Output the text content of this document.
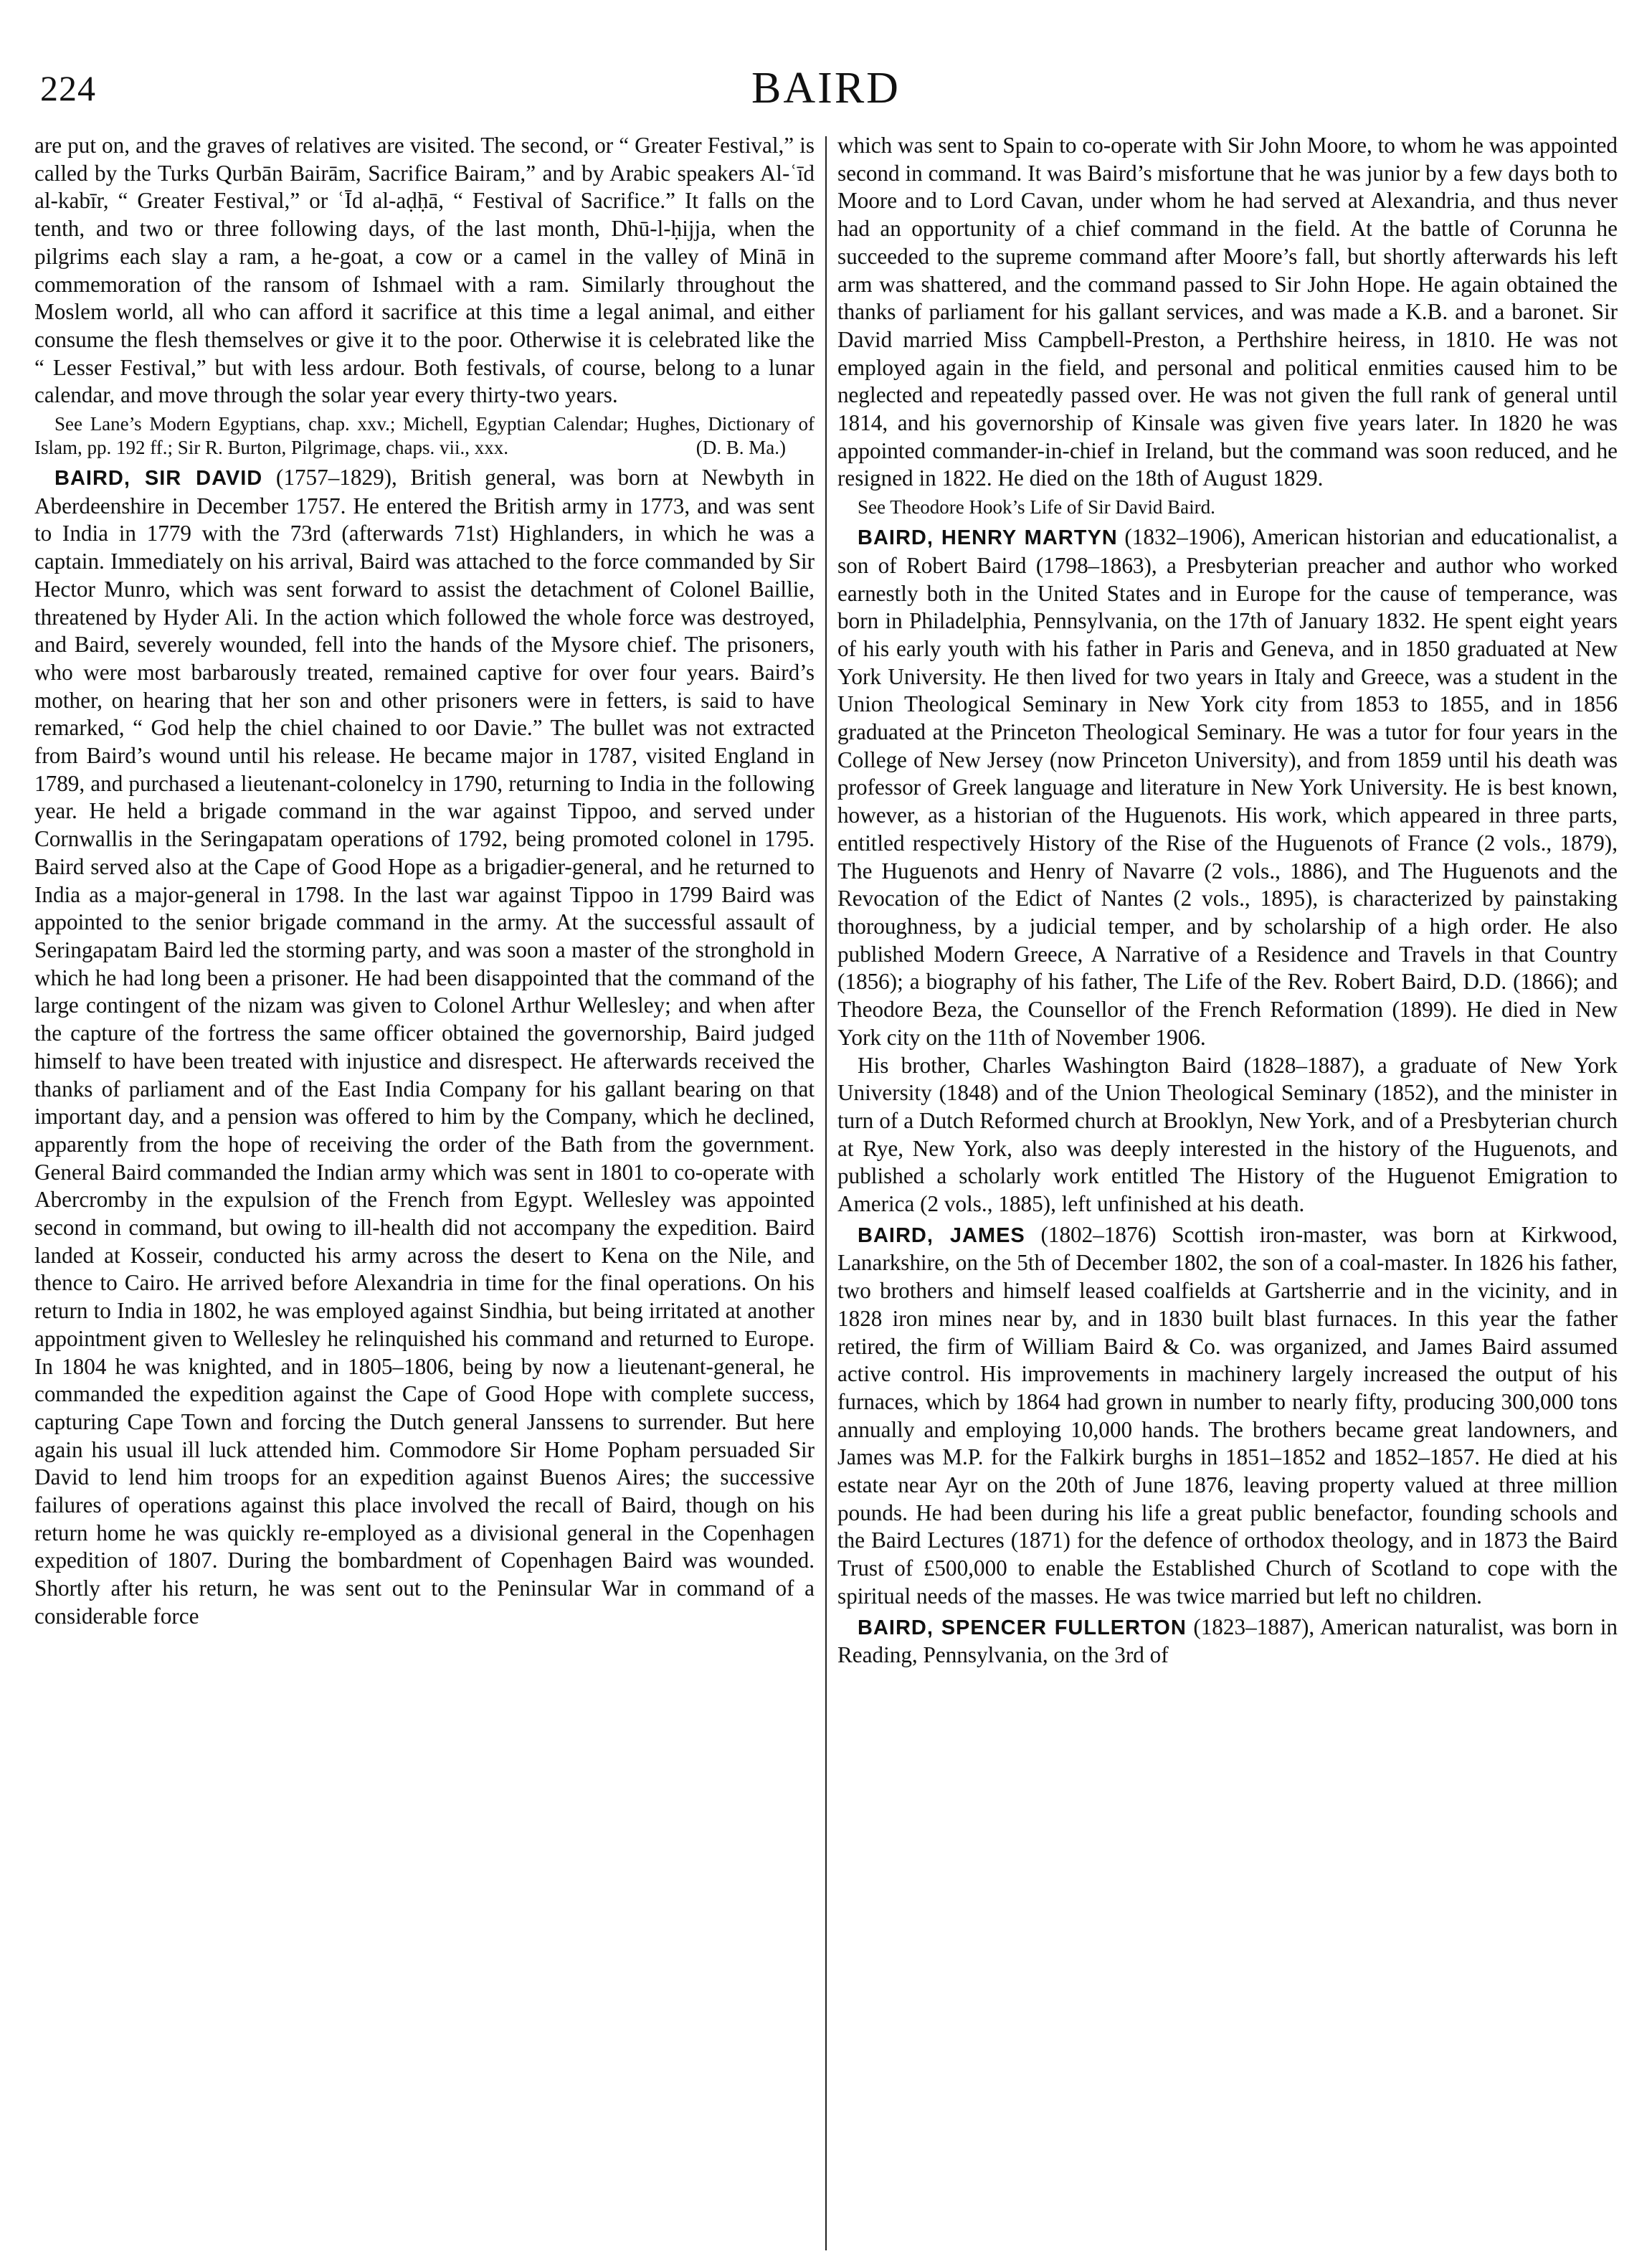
224	BAIRD

are put on, and the graves of relatives are visited. The second, or “ Greater Festival,” is called by the Turks Qurbān Bairām, Sacrifice Bairam,” and by Arabic speakers Al-ʿīd al-kabīr, “ Greater Festival,” or ʿĪd al-aḍḥā, “ Festival of Sacrifice.” It falls on the tenth, and two or three following days, of the last month, Dhū-l-ḥijja, when the pilgrims each slay a ram, a he-goat, a cow or a camel in the valley of Minā in commemoration of the ransom of Ishmael with a ram. Similarly throughout the Moslem world, all who can afford it sacrifice at this time a legal animal, and either consume the flesh themselves or give it to the poor. Otherwise it is celebrated like the “ Lesser Festival,” but with less ardour. Both festivals, of course, belong to a lunar calendar, and move through the solar year every thirty-two years.

See Lane’s Modern Egyptians, chap. xxv.; Michell, Egyptian Calendar; Hughes, Dictionary of Islam, pp. 192 ff.; Sir R. Burton, Pilgrimage, chaps. vii., xxx.	(D. B. Ma.)

BAIRD, SIR DAVID (1757–1829), British general, was born at Newbyth in Aberdeenshire in December 1757. He entered the British army in 1773, and was sent to India in 1779 with the 73rd (afterwards 71st) Highlanders, in which he was a captain. Immediately on his arrival, Baird was attached to the force commanded by Sir Hector Munro, which was sent forward to assist the detachment of Colonel Baillie, threatened by Hyder Ali. In the action which followed the whole force was destroyed, and Baird, severely wounded, fell into the hands of the Mysore chief. The prisoners, who were most barbarously treated, remained captive for over four years. Baird’s mother, on hearing that her son and other prisoners were in fetters, is said to have remarked, “ God help the chiel chained to oor Davie.” The bullet was not extracted from Baird’s wound until his release. He became major in 1787, visited England in 1789, and purchased a lieutenant-colonelcy in 1790, returning to India in the following year. He held a brigade command in the war against Tippoo, and served under Cornwallis in the Seringapatam operations of 1792, being promoted colonel in 1795. Baird served also at the Cape of Good Hope as a brigadier-general, and he returned to India as a major-general in 1798. In the last war against Tippoo in 1799 Baird was appointed to the senior brigade command in the army. At the successful assault of Seringapatam Baird led the storming party, and was soon a master of the stronghold in which he had long been a prisoner. He had been disappointed that the command of the large contingent of the nizam was given to Colonel Arthur Wellesley; and when after the capture of the fortress the same officer obtained the governorship, Baird judged himself to have been treated with injustice and disrespect. He afterwards received the thanks of parliament and of the East India Company for his gallant bearing on that important day, and a pension was offered to him by the Company, which he declined, apparently from the hope of receiving the order of the Bath from the government. General Baird commanded the Indian army which was sent in 1801 to co-operate with Abercromby in the expulsion of the French from Egypt. Wellesley was appointed second in command, but owing to ill-health did not accompany the expedition. Baird landed at Kosseir, conducted his army across the desert to Kena on the Nile, and thence to Cairo. He arrived before Alexandria in time for the final operations. On his return to India in 1802, he was employed against Sindhia, but being irritated at another appointment given to Wellesley he relinquished his command and returned to Europe. In 1804 he was knighted, and in 1805–1806, being by now a lieutenant-general, he commanded the expedition against the Cape of Good Hope with complete success, capturing Cape Town and forcing the Dutch general Janssens to surrender. But here again his usual ill luck attended him. Commodore Sir Home Popham persuaded Sir David to lend him troops for an expedition against Buenos Aires; the successive failures of operations against this place involved the recall of Baird, though on his return home he was quickly re-employed as a divisional general in the Copenhagen expedition of 1807. During the bombardment of Copenhagen Baird was wounded. Shortly after his return, he was sent out to the Peninsular War in command of a considerable force

which was sent to Spain to co-operate with Sir John Moore, to whom he was appointed second in command. It was Baird’s misfortune that he was junior by a few days both to Moore and to Lord Cavan, under whom he had served at Alexandria, and thus never had an opportunity of a chief command in the field. At the battle of Corunna he succeeded to the supreme command after Moore’s fall, but shortly afterwards his left arm was shattered, and the command passed to Sir John Hope. He again obtained the thanks of parliament for his gallant services, and was made a K.B. and a baronet. Sir David married Miss Campbell-Preston, a Perthshire heiress, in 1810. He was not employed again in the field, and personal and political enmities caused him to be neglected and repeatedly passed over. He was not given the full rank of general until 1814, and his governorship of Kinsale was given five years later. In 1820 he was appointed commander-in-chief in Ireland, but the command was soon reduced, and he resigned in 1822. He died on the 18th of August 1829.

See Theodore Hook’s Life of Sir David Baird.

BAIRD, HENRY MARTYN (1832–1906), American historian and educationalist, a son of Robert Baird (1798–1863), a Presbyterian preacher and author who worked earnestly both in the United States and in Europe for the cause of temperance, was born in Philadelphia, Pennsylvania, on the 17th of January 1832. He spent eight years of his early youth with his father in Paris and Geneva, and in 1850 graduated at New York University. He then lived for two years in Italy and Greece, was a student in the Union Theological Seminary in New York city from 1853 to 1855, and in 1856 graduated at the Princeton Theological Seminary. He was a tutor for four years in the College of New Jersey (now Princeton University), and from 1859 until his death was professor of Greek language and literature in New York University. He is best known, however, as a historian of the Huguenots. His work, which appeared in three parts, entitled respectively History of the Rise of the Huguenots of France (2 vols., 1879), The Huguenots and Henry of Navarre (2 vols., 1886), and The Huguenots and the Revocation of the Edict of Nantes (2 vols., 1895), is characterized by painstaking thoroughness, by a judicial temper, and by scholarship of a high order. He also published Modern Greece, A Narrative of a Residence and Travels in that Country (1856); a biography of his father, The Life of the Rev. Robert Baird, D.D. (1866); and Theodore Beza, the Counsellor of the French Reformation (1899). He died in New York city on the 11th of November 1906.

His brother, Charles Washington Baird (1828–1887), a graduate of New York University (1848) and of the Union Theological Seminary (1852), and the minister in turn of a Dutch Reformed church at Brooklyn, New York, and of a Presbyterian church at Rye, New York, also was deeply interested in the history of the Huguenots, and published a scholarly work entitled The History of the Huguenot Emigration to America (2 vols., 1885), left unfinished at his death.

BAIRD, JAMES (1802–1876) Scottish iron-master, was born at Kirkwood, Lanarkshire, on the 5th of December 1802, the son of a coal-master. In 1826 his father, two brothers and himself leased coalfields at Gartsherrie and in the vicinity, and in 1828 iron mines near by, and in 1830 built blast furnaces. In this year the father retired, the firm of William Baird & Co. was organized, and James Baird assumed active control. His improvements in machinery largely increased the output of his furnaces, which by 1864 had grown in number to nearly fifty, producing 300,000 tons annually and employing 10,000 hands. The brothers became great landowners, and James was M.P. for the Falkirk burghs in 1851–1852 and 1852–1857. He died at his estate near Ayr on the 20th of June 1876, leaving property valued at three million pounds. He had been during his life a great public benefactor, founding schools and the Baird Lectures (1871) for the defence of orthodox theology, and in 1873 the Baird Trust of £500,000 to enable the Established Church of Scotland to cope with the spiritual needs of the masses. He was twice married but left no children.

BAIRD, SPENCER FULLERTON (1823–1887), American naturalist, was born in Reading, Pennsylvania, on the 3rd of
